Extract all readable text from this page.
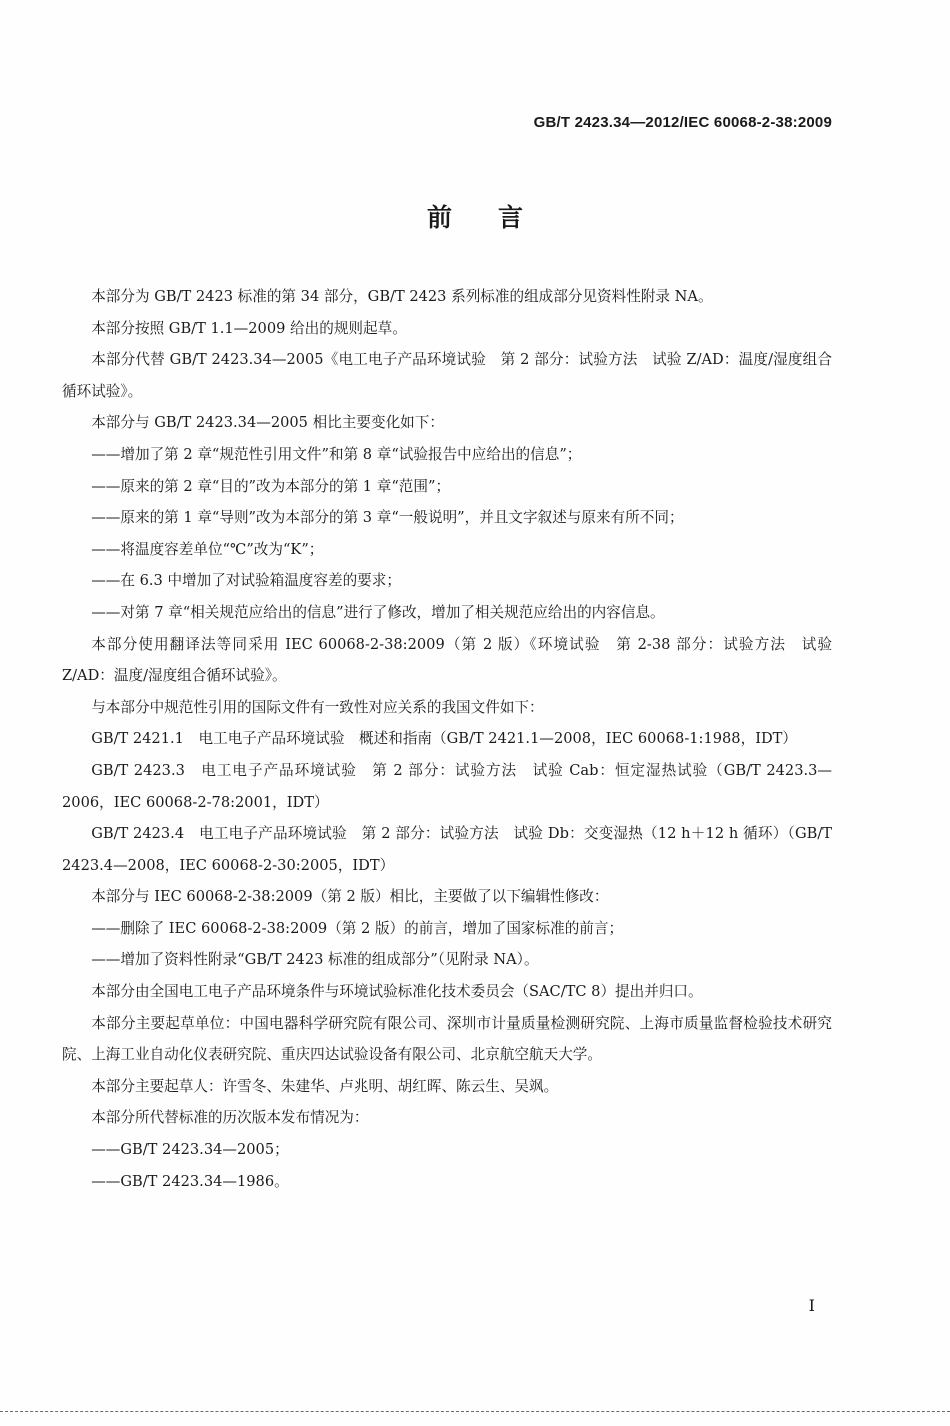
GB/T 2423.34—2012/IEC 60068-2-38:2009
前言

本部分为 GB/T 2423 标准的第 34 部分，GB/T 2423 系列标准的组成部分见资料性附录 NA。

本部分按照 GB/T 1.1—2009 给出的规则起草。

本部分代替 GB/T 2423.34—2005《电工电子产品环境试验　第 2 部分：试验方法　试验 Z/AD：温度/湿度组合循环试验》。

本部分与 GB/T 2423.34—2005 相比主要变化如下：

——增加了第 2 章“规范性引用文件”和第 8 章“试验报告中应给出的信息”；

——原来的第 2 章“目的”改为本部分的第 1 章“范围”；

——原来的第 1 章“导则”改为本部分的第 3 章“一般说明”，并且文字叙述与原来有所不同；

——将温度容差单位“℃”改为“K”；

——在 6.3 中增加了对试验箱温度容差的要求；

——对第 7 章“相关规范应给出的信息”进行了修改，增加了相关规范应给出的内容信息。

本部分使用翻译法等同采用 IEC 60068-2-38:2009（第 2 版）《环境试验　第 2-38 部分：试验方法　试验 Z/AD：温度/湿度组合循环试验》。

与本部分中规范性引用的国际文件有一致性对应关系的我国文件如下：

GB/T 2421.1　电工电子产品环境试验　概述和指南（GB/T 2421.1—2008，IEC 60068-1:1988，IDT）

GB/T 2423.3　电工电子产品环境试验　第 2 部分：试验方法　试验 Cab：恒定湿热试验（GB/T 2423.3—2006，IEC 60068-2-78:2001，IDT）

GB/T 2423.4　电工电子产品环境试验　第 2 部分：试验方法　试验 Db：交变湿热（12 h＋12 h 循环）（GB/T 2423.4—2008，IEC 60068-2-30:2005，IDT）

本部分与 IEC 60068-2-38:2009（第 2 版）相比，主要做了以下编辑性修改：

——删除了 IEC 60068-2-38:2009（第 2 版）的前言，增加了国家标准的前言；

——增加了资料性附录“GB/T 2423 标准的组成部分”（见附录 NA）。

本部分由全国电工电子产品环境条件与环境试验标准化技术委员会（SAC/TC 8）提出并归口。

本部分主要起草单位：中国电器科学研究院有限公司、深圳市计量质量检测研究院、上海市质量监督检验技术研究院、上海工业自动化仪表研究院、重庆四达试验设备有限公司、北京航空航天大学。

本部分主要起草人：许雪冬、朱建华、卢兆明、胡红晖、陈云生、吴飒。

本部分所代替标准的历次版本发布情况为：

——GB/T 2423.34—2005；

——GB/T 2423.34—1986。

I
